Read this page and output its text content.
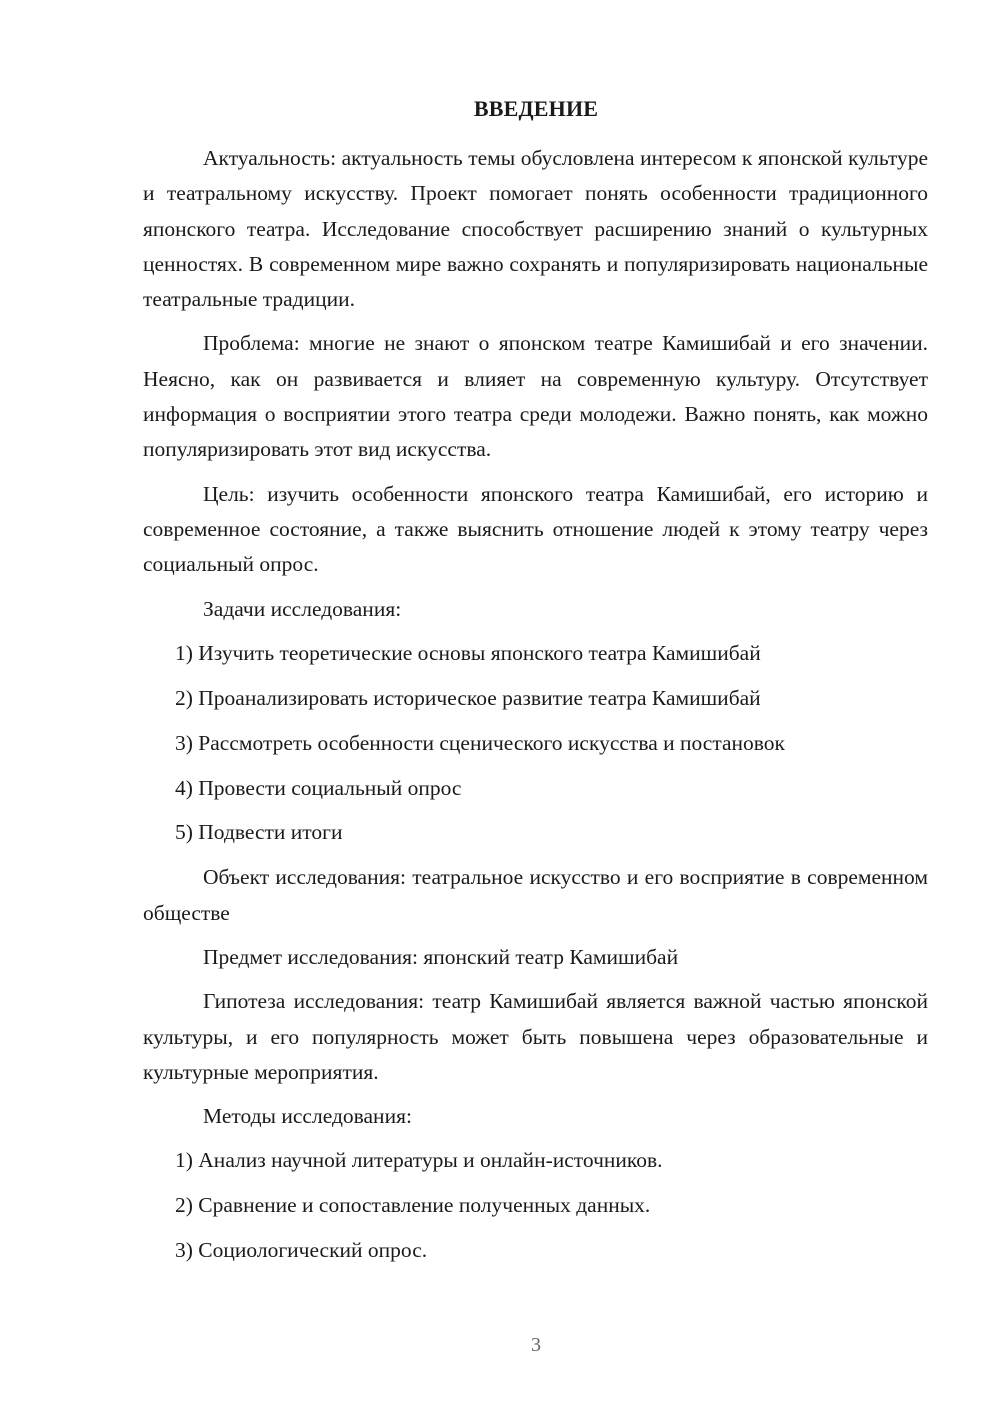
ВВЕДЕНИЕ

Актуальность: актуальность темы обусловлена интересом к японской культуре и театральному искусству. Проект помогает понять особенности традиционного японского театра. Исследование способствует расширению знаний о культурных ценностях. В современном мире важно сохранять и популяризировать национальные театральные традиции.

Проблема: многие не знают о японском театре Камишибай и его значении. Неясно, как он развивается и влияет на современную культуру. Отсутствует информация о восприятии этого театра среди молодежи. Важно понять, как можно популяризировать этот вид искусства.

Цель: изучить особенности японского театра Камишибай, его историю и современное состояние, а также выяснить отношение людей к этому театру через социальный опрос.

Задачи исследования:

1) Изучить теоретические основы японского театра Камишибай

2) Проанализировать историческое развитие театра Камишибай

3) Рассмотреть особенности сценического искусства и постановок

4) Провести социальный опрос

5) Подвести итоги

Объект исследования: театральное искусство и его восприятие в современном обществе

Предмет исследования: японский театр Камишибай

Гипотеза исследования: театр Камишибай является важной частью японской культуры, и его популярность может быть повышена через образовательные и культурные мероприятия.

Методы исследования:

1) Анализ научной литературы и онлайн-источников.

2) Сравнение и сопоставление полученных данных.

3) Социологический опрос.

3
